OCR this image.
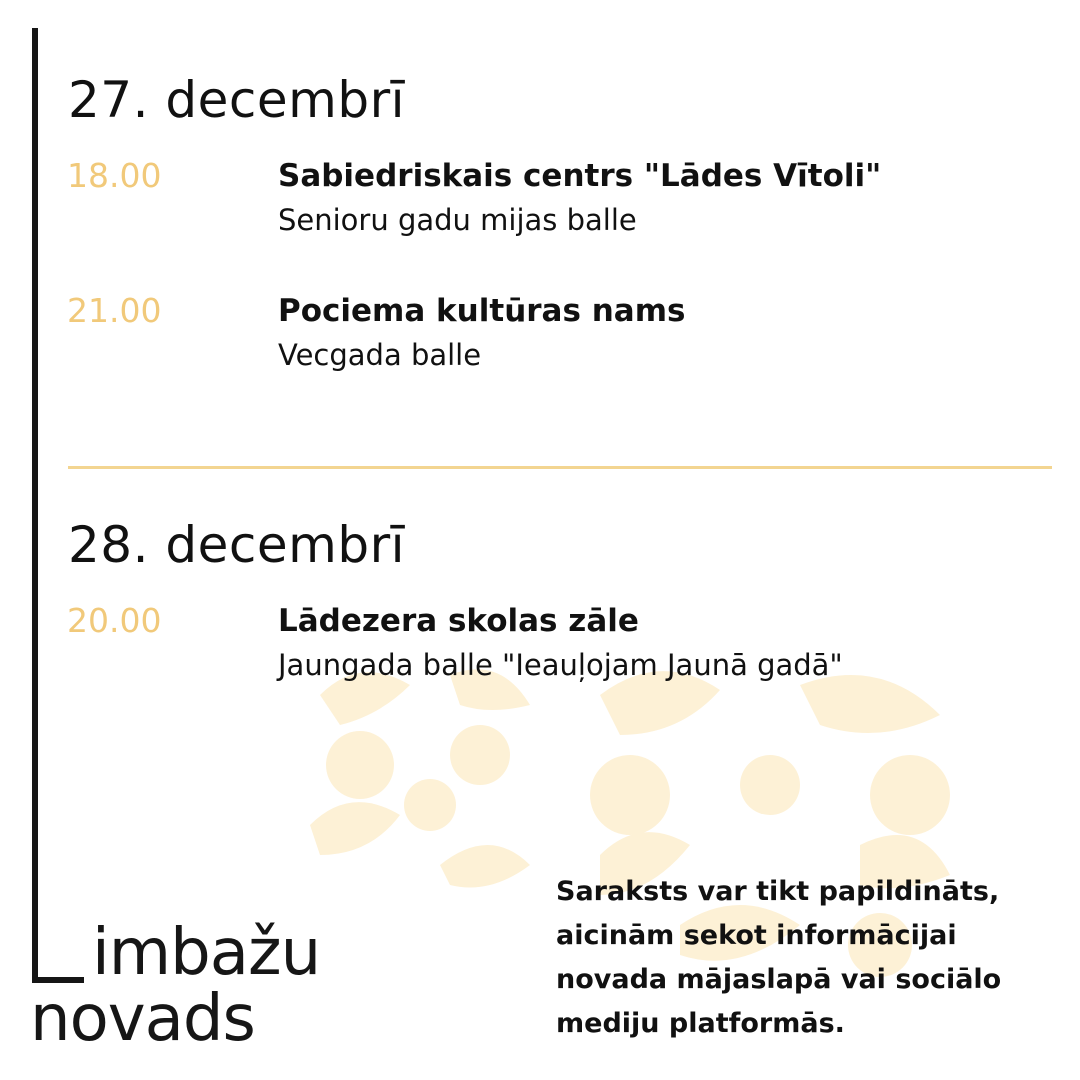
27. decembrī
18.00	Sabiedriskais centrs "Lādes Vītoli"
Senioru gadu mijas balle
21.00	Pociema kultūras nams
Vecgada balle
28. decembrī
20.00	Lādezera skolas zāle
Jaungada balle "Ieauļojam Jaunā gadā"

Saraksts var tikt papildināts, aicinām sekot informācijai novada mājaslapā vai sociālo mediju platformās.

imbažu
novads
